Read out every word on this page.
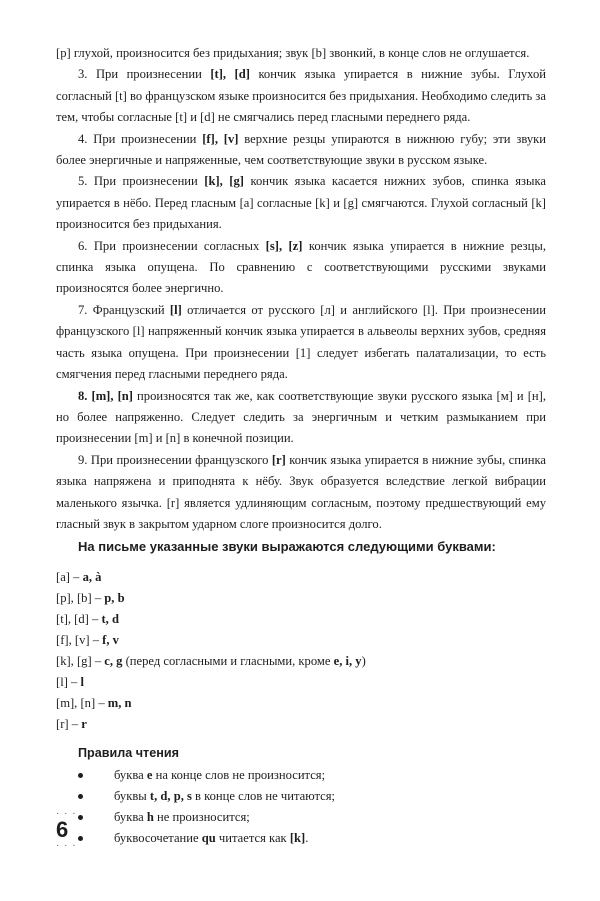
[p] глухой, произносится без придыхания; звук [b] звонкий, в конце слов не оглушается.

3. При произнесении [t], [d] кончик языка упирается в нижние зубы. Глухой согласный [t] во французском языке произносится без придыхания. Необходимо следить за тем, чтобы согласные [t] и [d] не смягчались перед гласными переднего ряда.

4. При произнесении [f], [v] верхние резцы упираются в нижнюю губу; эти звуки более энергичные и напряженные, чем соответствующие звуки в русском языке.

5. При произнесении [k], [g] кончик языка касается нижних зубов, спинка языка упирается в нёбо. Перед гласным [a] согласные [k] и [g] смягчаются. Глухой согласный [k] произносится без придыхания.

6. При произнесении согласных [s], [z] кончик языка упирается в нижние резцы, спинка языка опущена. По сравнению с соответствующими русскими звуками произносятся более энергично.

7. Французский [l] отличается от русского [л] и английского [l]. При произнесении французского [l] напряженный кончик языка упирается в альвеолы верхних зубов, средняя часть языка опущена. При произнесении [1] следует избегать палатализации, то есть смягчения перед гласными переднего ряда.

8. [m], [n] произносятся так же, как соответствующие звуки русского языка [м] и [н], но более напряженно. Следует следить за энергичным и четким размыканием при произнесении [m] и [n] в конечной позиции.

9. При произнесении французского [r] кончик языка упирается в нижние зубы, спинка языка напряжена и приподнята к нёбу. Звук образуется вследствие легкой вибрации маленького язычка. [r] является удлиняющим согласным, поэтому предшествующий ему гласный звук в закрытом ударном слоге произносится долго.

На письме указанные звуки выражаются следующими буквами:
[a] – a, à
[p], [b] – p, b
[t], [d] – t, d
[f], [v] – f, v
[k], [g] – c, g (перед согласными и гласными, кроме e, i, y)
[l] – l
[m], [n] – m, n
[r] – r
Правила чтения
буква e на конце слов не произносится;
буквы t, d, p, s в конце слов не читаются;
буква h не произносится;
буквосочетание qu читается как [k].
· · ·
6
· · ·
